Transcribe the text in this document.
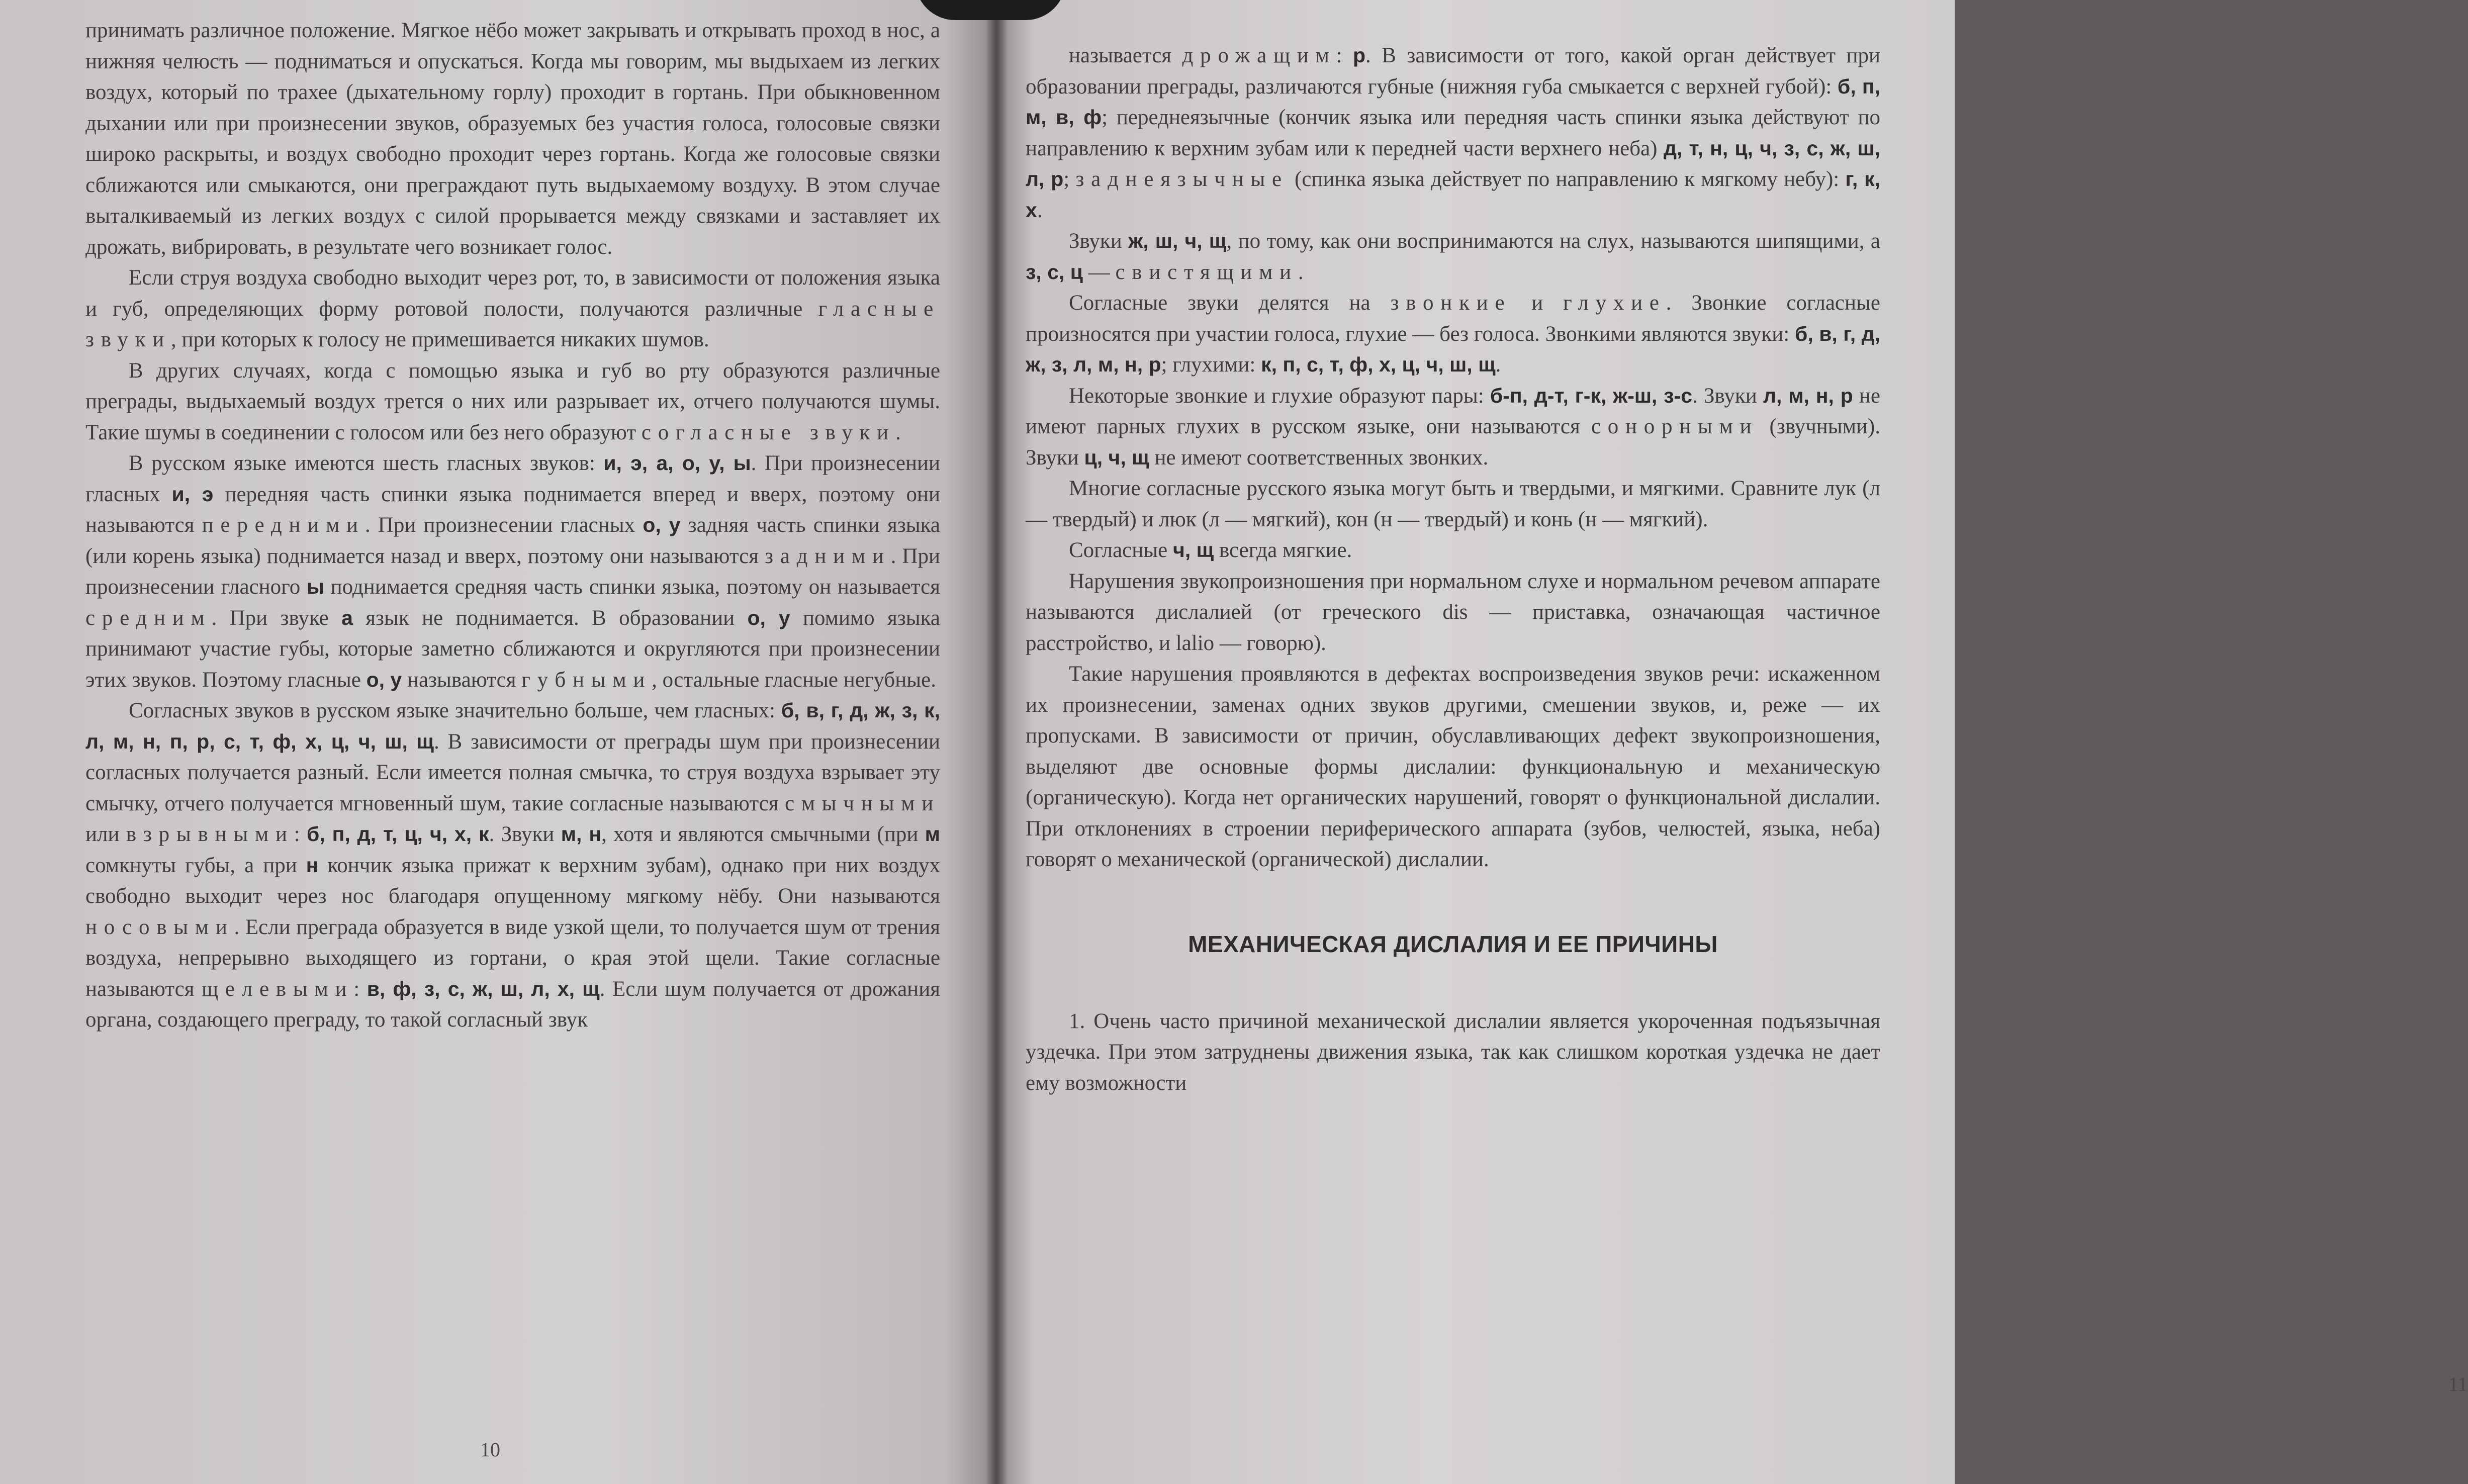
принимать различное положение. Мягкое нёбо может закрывать и открывать проход в нос, а нижняя челюсть — подниматься и опускаться. Когда мы говорим, мы выдыхаем из легких воздух, который по трахее (дыхательному горлу) проходит в гортань. При обыкновенном дыхании или при произнесении звуков, образуемых без участия голоса, голосовые связки широко раскрыты, и воздух свободно проходит через гортань. Когда же голосовые связки сближаются или смыкаются, они преграждают путь выдыхаемому воздуху. В этом случае выталкиваемый из легких воздух с силой прорывается между связками и заставляет их дрожать, вибрировать, в результате чего возникает голос.

Если струя воздуха свободно выходит через рот, то, в зависимости от положения языка и губ, определяющих форму ротовой полости, получаются различные гласные звуки, при которых к голосу не примешивается никаких шумов.

В других случаях, когда с помощью языка и губ во рту образуются различные преграды, выдыхаемый воздух трется о них или разрывает их, отчего получаются шумы. Такие шумы в соединении с голосом или без него образуют согласные звуки.

В русском языке имеются шесть гласных звуков: и, э, а, о, у, ы. При произнесении гласных и, э передняя часть спинки языка поднимается вперед и вверх, поэтому они называются передними. При произнесении гласных о, у задняя часть спинки языка (или корень языка) поднимается назад и вверх, поэтому они называются задними. При произнесении гласного ы поднимается средняя часть спинки языка, поэтому он называется средним. При звуке а язык не поднимается. В образовании о, у помимо языка принимают участие губы, которые заметно сближаются и округляются при произнесении этих звуков. Поэтому гласные о, у называются губными, остальные гласные негубные.

Согласных звуков в русском языке значительно больше, чем гласных: б, в, г, д, ж, з, к, л, м, н, п, р, с, т, ф, х, ц, ч, ш, щ. В зависимости от преграды шум при произнесении согласных получается разный. Если имеется полная смычка, то струя воздуха взрывает эту смычку, отчего получается мгновенный шум, такие согласные называются смычными или взрывными: б, п, д, т, ц, ч, х, к. Звуки м, н, хотя и являются смычными (при м сомкнуты губы, а при н кончик языка прижат к верхним зубам), однако при них воздух свободно выходит через нос благодаря опущенному мягкому нёбу. Они называются носовыми. Если преграда образуется в виде узкой щели, то получается шум от трения воздуха, непрерывно выходящего из гортани, о края этой щели. Такие согласные называются щелевыми: в, ф, з, с, ж, ш, л, х, щ. Если шум получается от дрожания органа, создающего преграду, то такой согласный звук

10

называется дрожащим: р. В зависимости от того, какой орган действует при образовании преграды, различаются губные (нижняя губа смыкается с верхней губой): б, п, м, в, ф; переднеязычные (кончик языка или передняя часть спинки языка действуют по направлению к верхним зубам или к передней части верхнего неба) д, т, н, ц, ч, з, с, ж, ш, л, р; заднеязычные (спинка языка действует по направлению к мягкому небу): г, к, х.

Звуки ж, ш, ч, щ, по тому, как они воспринимаются на слух, называются шипящими, а з, с, ц — свистящими.

Согласные звуки делятся на звонкие и глухие. Звонкие согласные произносятся при участии голоса, глухие — без голоса. Звонкими являются звуки: б, в, г, д, ж, з, л, м, н, р; глухими: к, п, с, т, ф, х, ц, ч, ш, щ.

Некоторые звонкие и глухие образуют пары: б-п, д-т, г-к, ж-ш, з-с. Звуки л, м, н, р не имеют парных глухих в русском языке, они называются сонорными (звучными). Звуки ц, ч, щ не имеют соответственных звонких.

Многие согласные русского языка могут быть и твердыми, и мягкими. Сравните лук (л — твердый) и люк (л — мягкий), кон (н — твердый) и конь (н — мягкий).

Согласные ч, щ всегда мягкие.

Нарушения звукопроизношения при нормальном слухе и нормальном речевом аппарате называются дислалией (от греческого dis — приставка, означающая частичное расстройство, и lalio — говорю).

Такие нарушения проявляются в дефектах воспроизведения звуков речи: искаженном их произнесении, заменах одних звуков другими, смешении звуков, и, реже — их пропусками. В зависимости от причин, обуславливающих дефект звукопроизношения, выделяют две основные формы дислалии: функциональную и механическую (органическую). Когда нет органических нарушений, говорят о функциональной дислалии. При отклонениях в строении периферического аппарата (зубов, челюстей, языка, неба) говорят о механической (органической) дислалии.

МЕХАНИЧЕСКАЯ ДИСЛАЛИЯ И ЕЕ ПРИЧИНЫ

1. Очень часто причиной механической дислалии является укороченная подъязычная уздечка. При этом затруднены движения языка, так как слишком короткая уздечка не дает ему возможности

11
